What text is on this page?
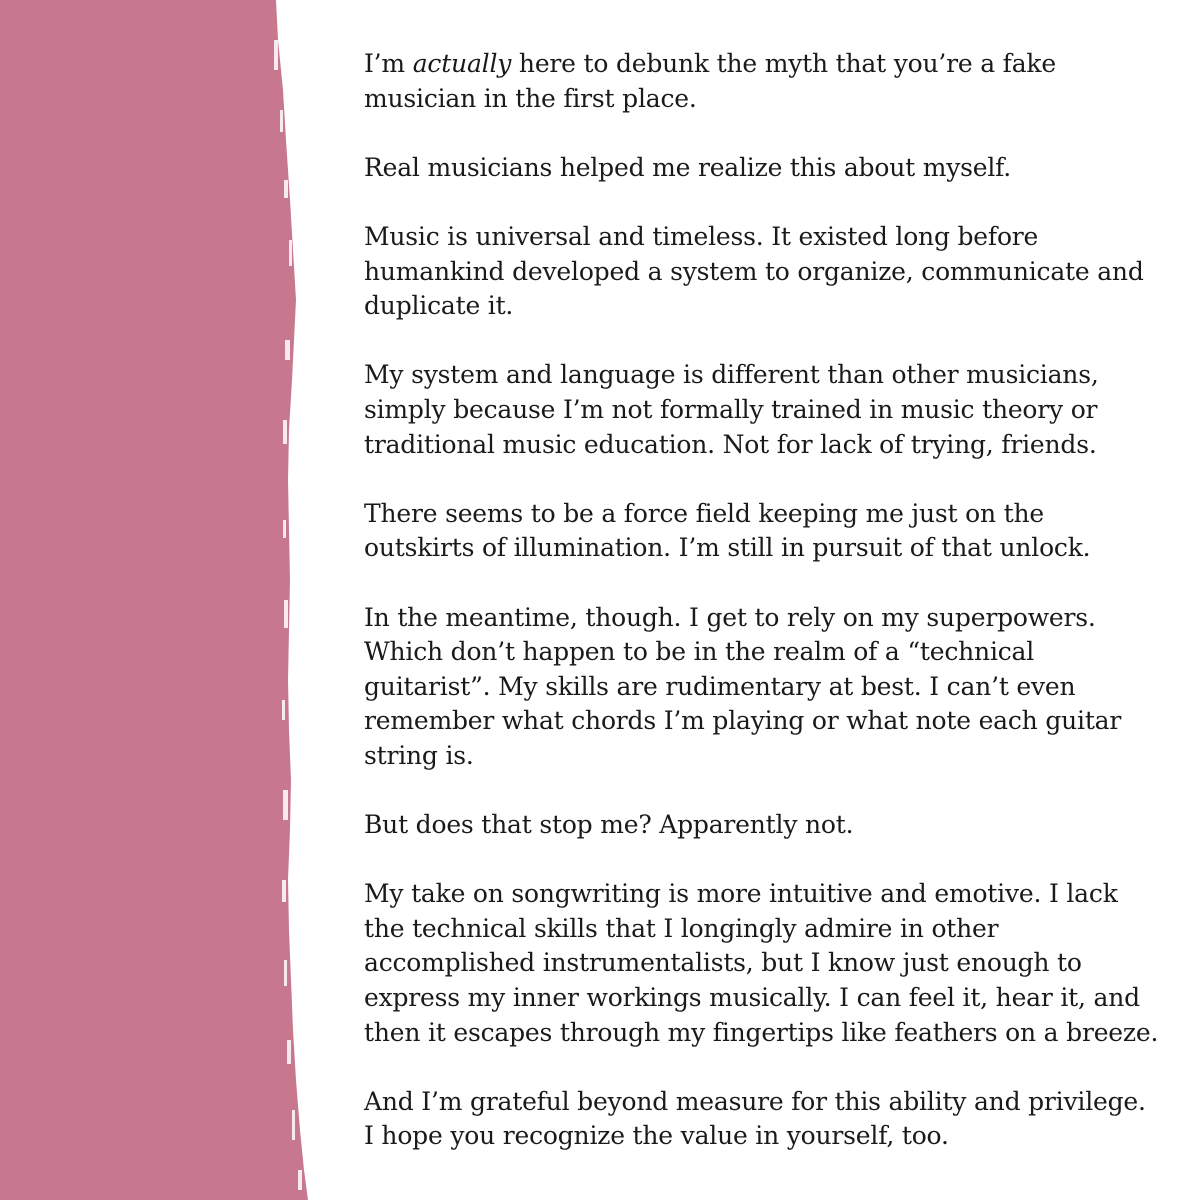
I’m actually here to debunk the myth that you’re a fake
musician in the first place.

Real musicians helped me realize this about myself.

Music is universal and timeless. It existed long before
humankind developed a system to organize, communicate and
duplicate it.

My system and language is different than other musicians,
simply because I’m not formally trained in music theory or
traditional music education. Not for lack of trying, friends.

There seems to be a force field keeping me just on the
outskirts of illumination. I’m still in pursuit of that unlock.

In the meantime, though. I get to rely on my superpowers.
Which don’t happen to be in the realm of a “technical
guitarist”. My skills are rudimentary at best. I can’t even
remember what chords I’m playing or what note each guitar
string is.

But does that stop me? Apparently not.

My take on songwriting is more intuitive and emotive. I lack
the technical skills that I longingly admire in other
accomplished instrumentalists, but I know just enough to
express my inner workings musically. I can feel it, hear it, and
then it escapes through my fingertips like feathers on a breeze.

And I’m grateful beyond measure for this ability and privilege.
I hope you recognize the value in yourself, too.
